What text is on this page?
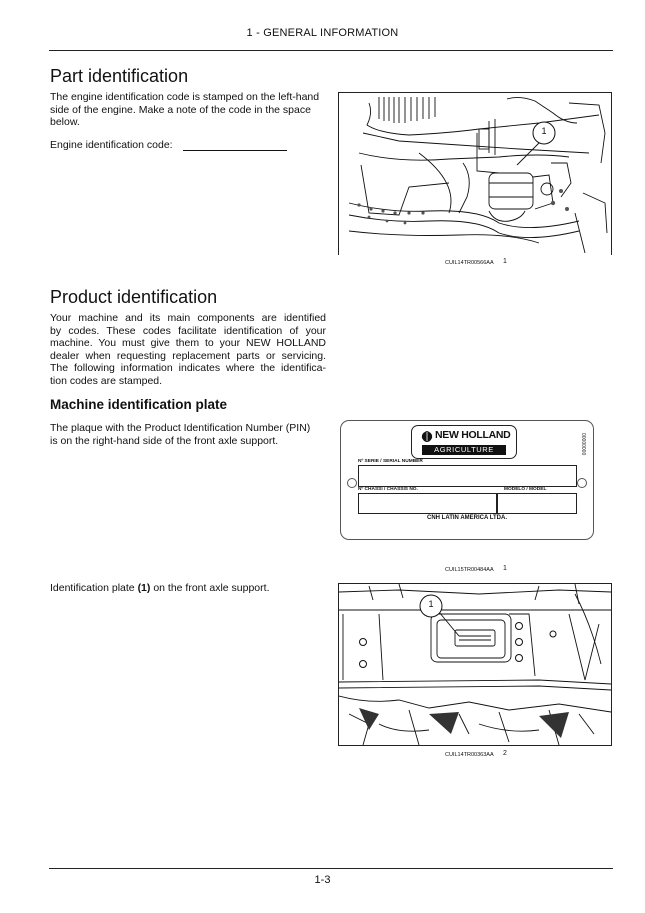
1 - GENERAL INFORMATION
Part identification
The engine identification code is stamped on the left-hand
side of the engine. Make a note of the code in the space
below.
Engine identification code:
1
CUIL14TR00566AA 1
Product identification
Your machine and its main components are identified
by codes. These codes facilitate identification of your
machine. You must give them to your NEW HOLLAND
dealer when requesting replacement parts or servicing.
The following information indicates where the identifica-
tion codes are stamped.
Machine identification plate
The plaque with the Product Identification Number (PIN)
is on the right-hand side of the front axle support.	NEW HOLLAND
AGRICULTURE	00000000
Nº SERIE / SERIAL NUMBER
Nº CHASSI / CHASSIS NO.	MODELO / MODEL
CNH LATIN AMERICA LTDA.
CUIL15TR00484AA 1
Identification plate (1) on the front axle support.
1
CUIL14TR00363AA 2
1-3
